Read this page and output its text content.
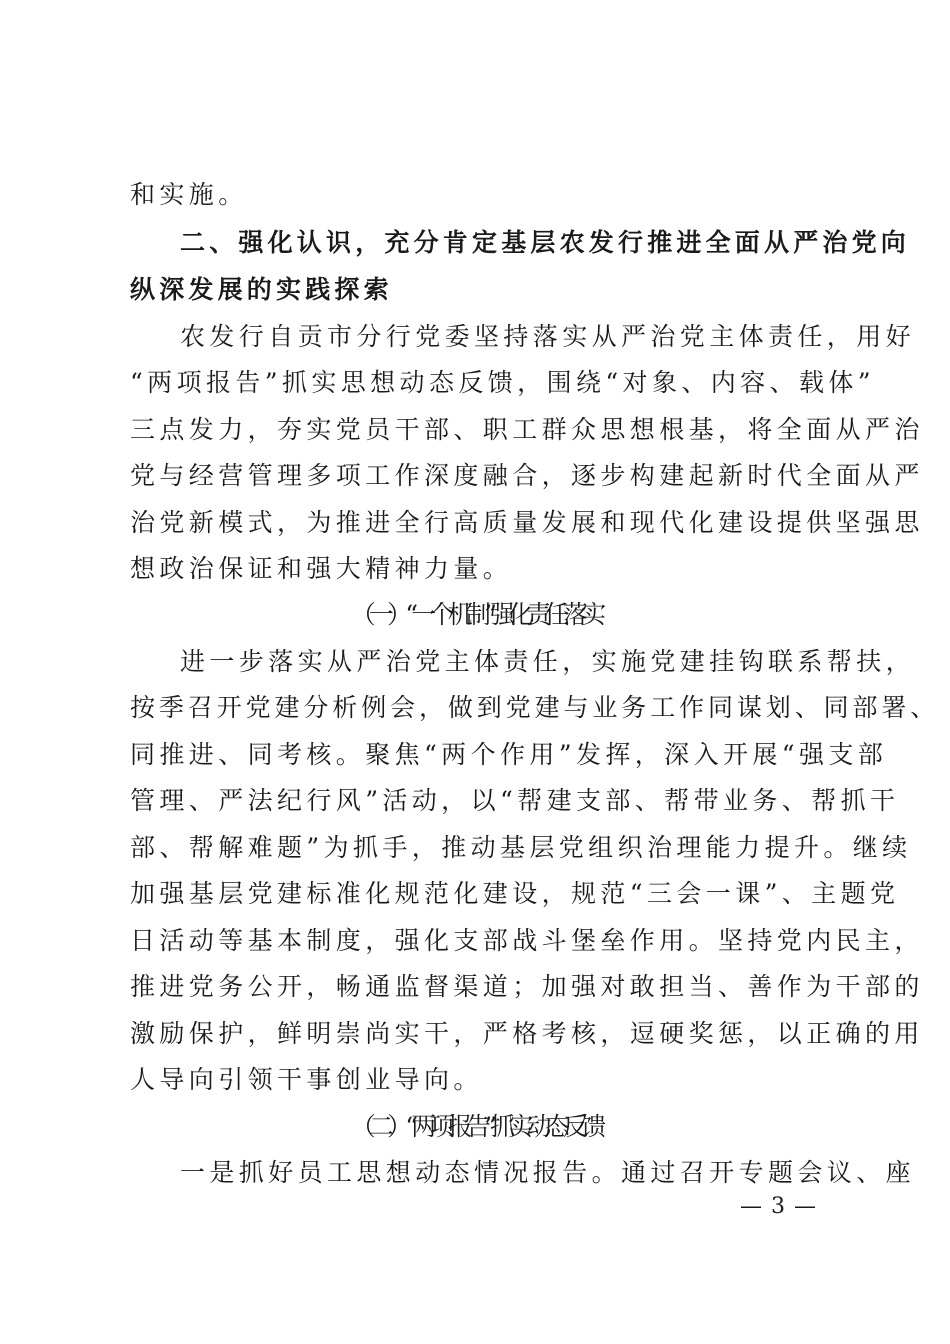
和实施。
二、强化认识，充分肯定基层农发行推进全面从严治党向
纵深发展的实践探索
农发行自贡市分行党委坚持落实从严治党主体责任，用好
“两项报告”抓实思想动态反馈，围绕“对象、内容、载体”
三点发力，夯实党员干部、职工群众思想根基，将全面从严治
党与经营管理多项工作深度融合，逐步构建起新时代全面从严
治党新模式，为推进全行高质量发展和现代化建设提供坚强思
想政治保证和强大精神力量。
（一）“一个机制”强化责任落实
进一步落实从严治党主体责任，实施党建挂钩联系帮扶，
按季召开党建分析例会，做到党建与业务工作同谋划、同部署、
同推进、同考核。聚焦“两个作用”发挥，深入开展“强支部
管理、严法纪行风”活动，以“帮建支部、帮带业务、帮抓干
部、帮解难题”为抓手，推动基层党组织治理能力提升。继续
加强基层党建标准化规范化建设，规范“三会一课”、主题党
日活动等基本制度，强化支部战斗堡垒作用。坚持党内民主，
推进党务公开，畅通监督渠道；加强对敢担当、善作为干部的
激励保护，鲜明崇尚实干，严格考核，逗硬奖惩，以正确的用
人导向引领干事创业导向。
（二）“两项报告”抓实动态反馈
一是抓好员工思想动态情况报告。通过召开专题会议、座
— 3 —
